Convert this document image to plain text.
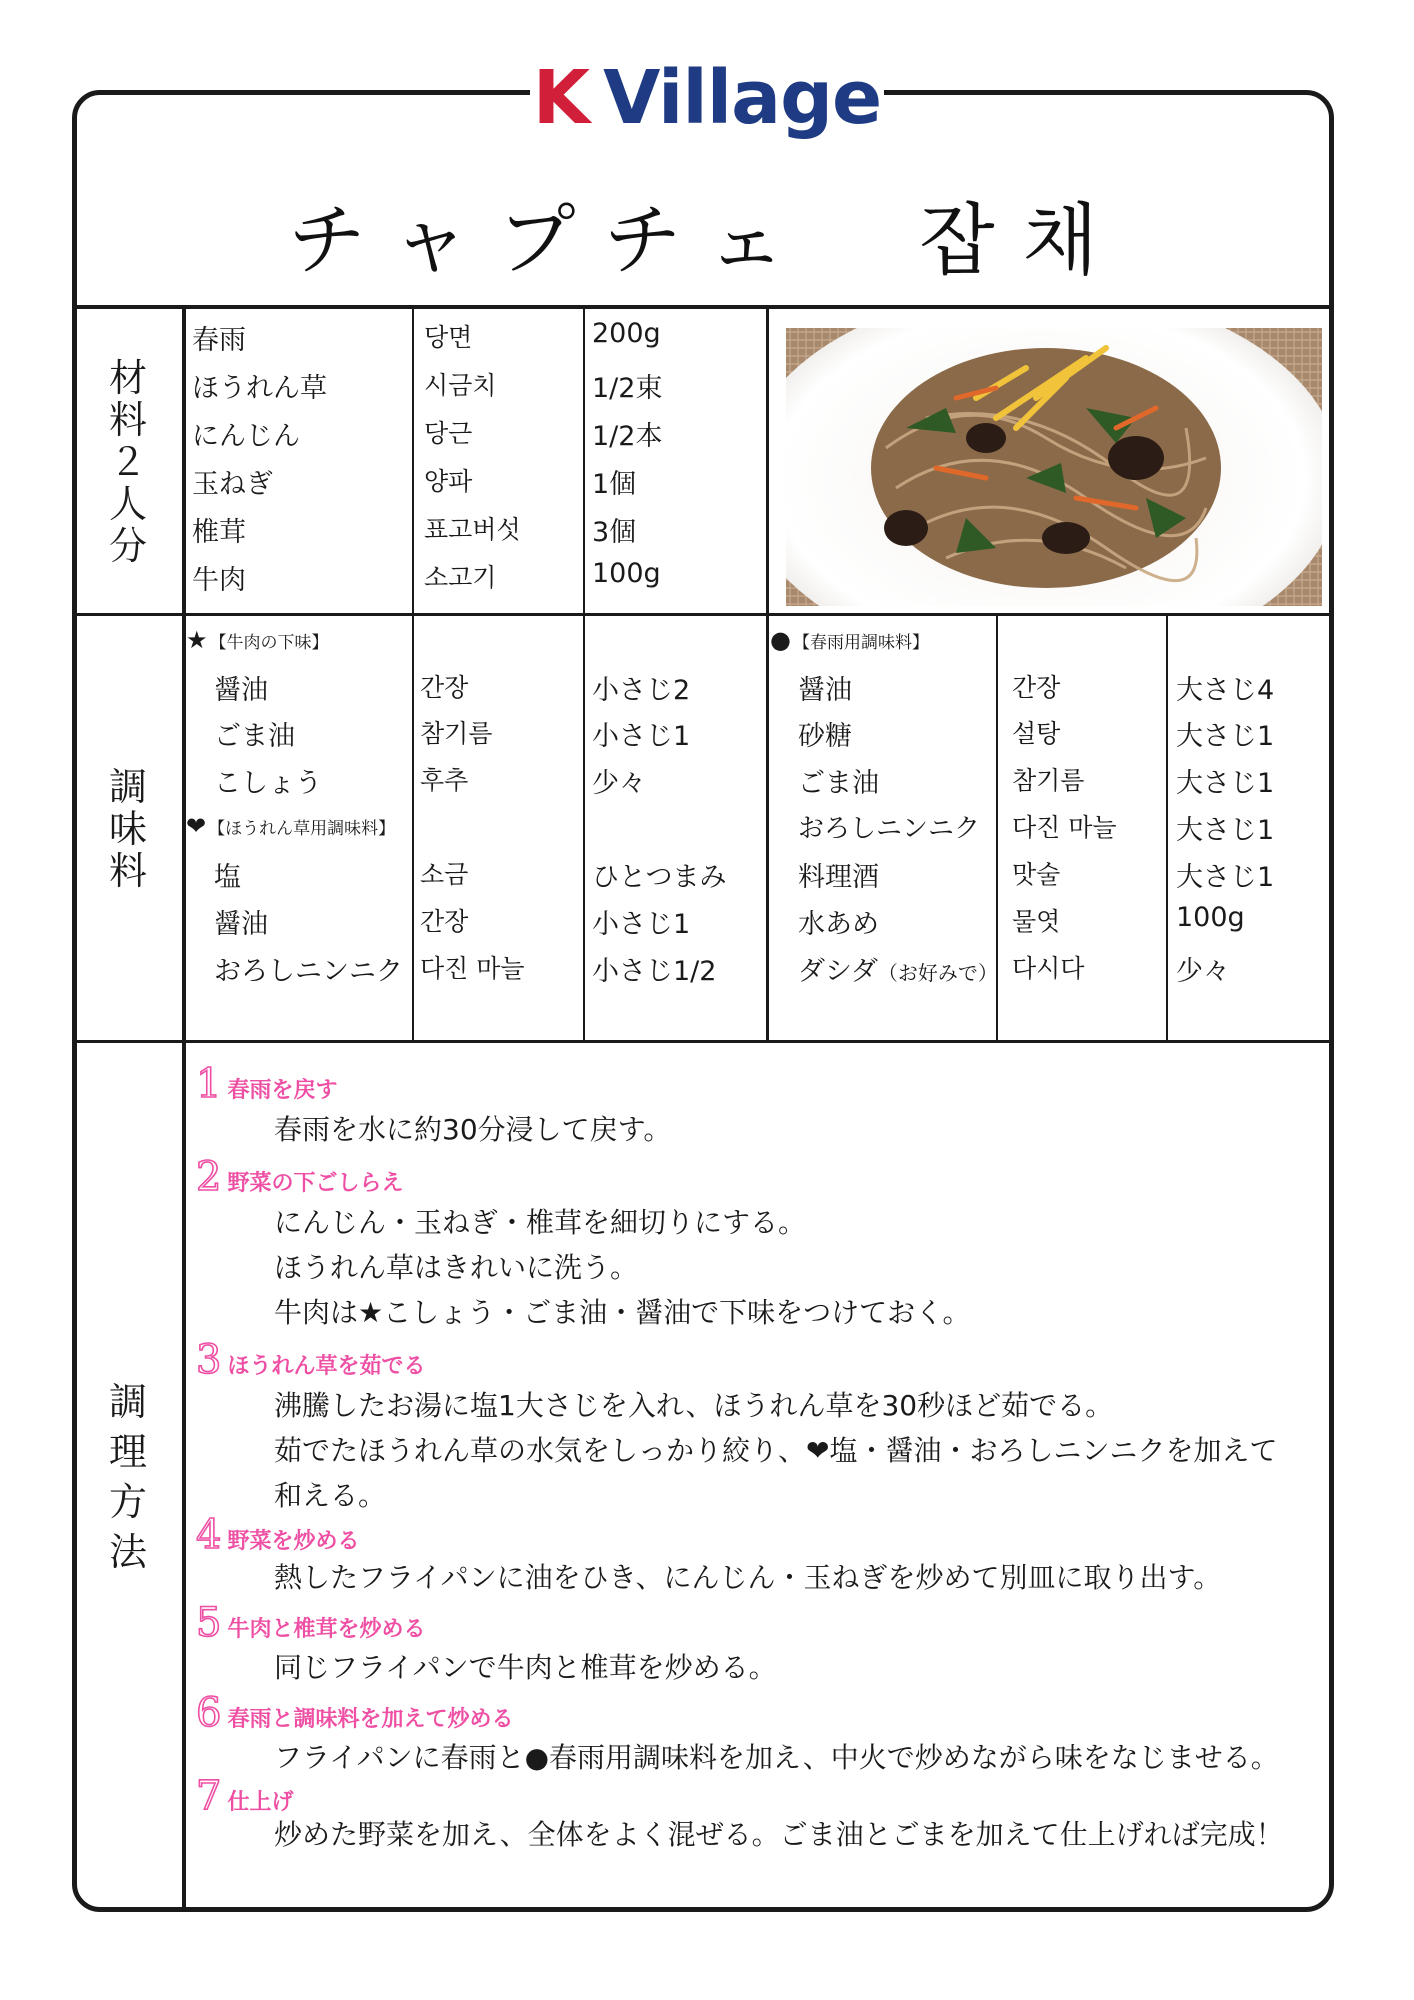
K Village
チャプチェ　잡채
材
料
２
人
分
調
味
料
調
理
方
法
春雨	당면	200g
ほうれん草	시금치	1/2束
にんじん	당근	1/2本
玉ねぎ	양파	1個
椎茸	표고버섯	3個
牛肉	소고기	100g
★ 【牛肉の下味】
醤油	간장	小さじ2
ごま油	참기름	小さじ1
こしょう	후추	少々
❤ 【ほうれん草用調味料】
塩	소금	ひとつまみ
醤油	간장	小さじ1
おろしニンニク 다진 마늘 小さじ1/2
● 【春雨用調味料】
醤油	간장	大さじ4
砂糖	설탕	大さじ1
ごま油	참기름	大さじ1
おろしニンニク 다진 마늘 大さじ1
料理酒	맛술	大さじ1
水あめ	물엿	100g
ダシダ（お好みで） 다시다	少々
1 春雨を戻す
春雨を水に約30分浸して戻す。
2 野菜の下ごしらえ
にんじん・玉ねぎ・椎茸を細切りにする。
ほうれん草はきれいに洗う。
牛肉は★こしょう・ごま油・醤油で下味をつけておく。
3 ほうれん草を茹でる
沸騰したお湯に塩1大さじを入れ、ほうれん草を30秒ほど茹でる。
茹でたほうれん草の水気をしっかり絞り、❤塩・醤油・おろしニンニクを加えて
和える。
4 野菜を炒める
熱したフライパンに油をひき、にんじん・玉ねぎを炒めて別皿に取り出す。
5 牛肉と椎茸を炒める
同じフライパンで牛肉と椎茸を炒める。
6 春雨と調味料を加えて炒める
フライパンに春雨と●春雨用調味料を加え、中火で炒めながら味をなじませる。
7 仕上げ
炒めた野菜を加え、全体をよく混ぜる。ごま油とごまを加えて仕上げれば完成！
